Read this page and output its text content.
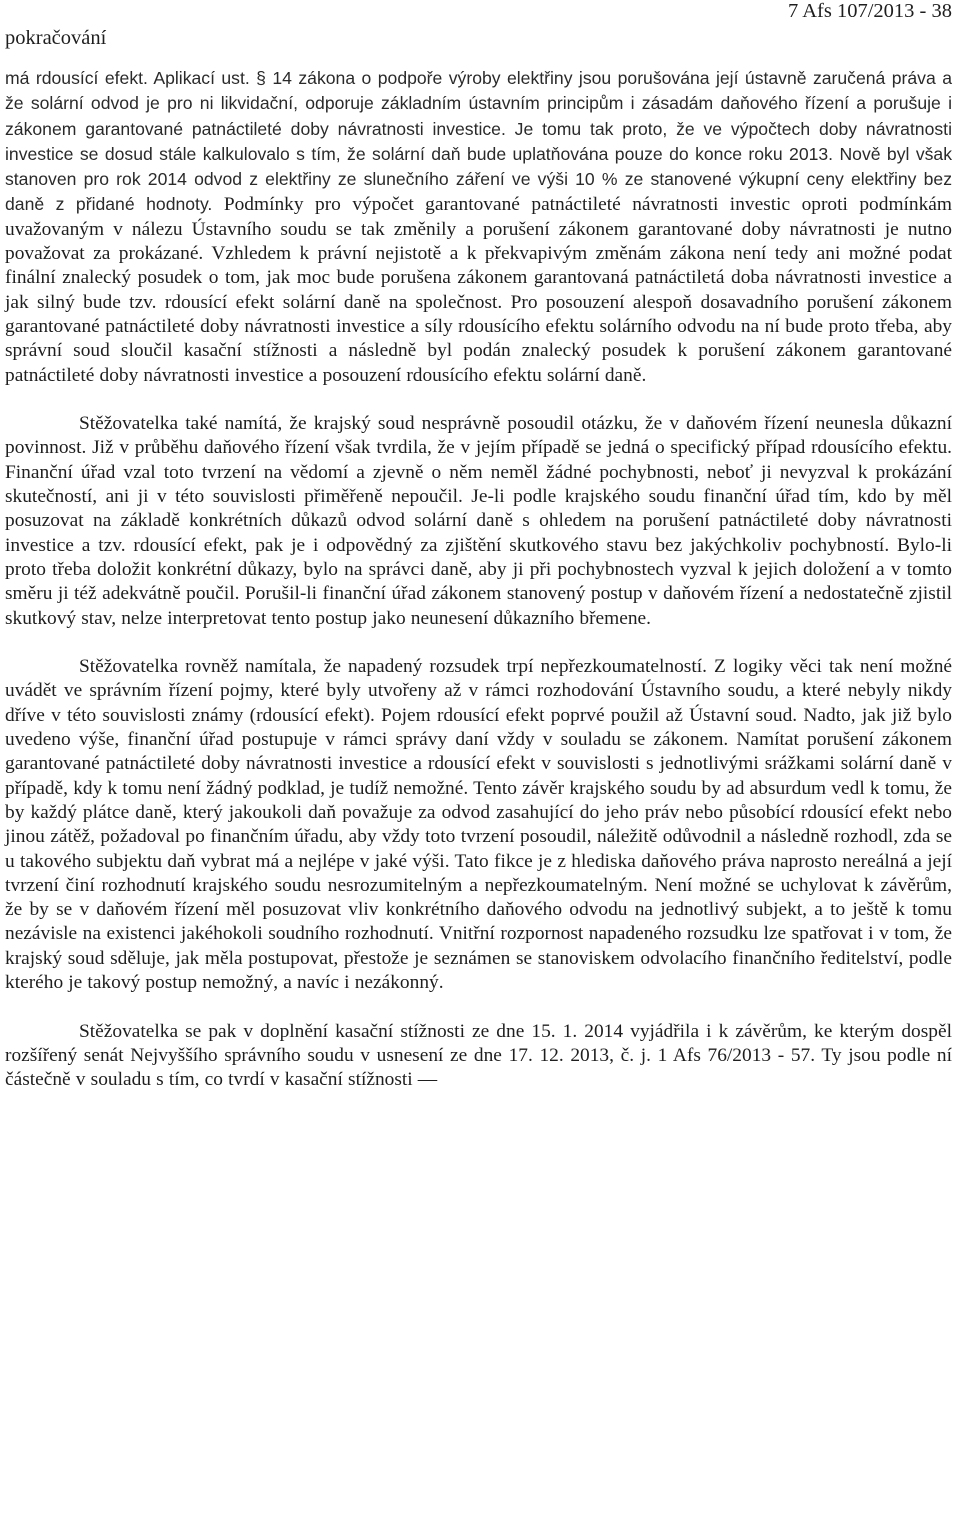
pokračování
7 Afs 107/2013 - 38

má rdousící efekt. Aplikací ust. § 14 zákona o podpoře výroby elektřiny jsou porušována její ústavně zaručená práva a že solární odvod je pro ni likvidační, odporuje základním ústavním principům i zásadám daňového řízení a porušuje i zákonem garantované patnáctileté doby návratnosti investice. Je tomu tak proto, že ve výpočtech doby návratnosti investice se dosud stále kalkulovalo s tím, že solární daň bude uplatňována pouze do konce roku 2013. Nově byl však stanoven pro rok 2014 odvod z elektřiny ze slunečního záření ve výši 10 % ze stanovené výkupní ceny elektřiny bez daně z přidané hodnoty. Podmínky pro výpočet garantované patnáctileté návratnosti investic oproti podmínkám uvažovaným v nálezu Ústavního soudu se tak změnily a porušení zákonem garantované doby návratnosti je nutno považovat za prokázané. Vzhledem k právní nejistotě a k překvapivým změnám zákona není tedy ani možné podat finální znalecký posudek o tom, jak moc bude porušena zákonem garantovaná patnáctiletá doba návratnosti investice a jak silný bude tzv. rdousící efekt solární daně na společnost. Pro posouzení alespoň dosavadního porušení zákonem garantované patnáctileté doby návratnosti investice a síly rdousícího efektu solárního odvodu na ní bude proto třeba, aby správní soud sloučil kasační stížnosti a následně byl podán znalecký posudek k porušení zákonem garantované patnáctileté doby návratnosti investice a posouzení rdousícího efektu solární daně.

Stěžovatelka také namítá, že krajský soud nesprávně posoudil otázku, že v daňovém řízení neunesla důkazní povinnost. Již v průběhu daňového řízení však tvrdila, že v jejím případě se jedná o specifický případ rdousícího efektu. Finanční úřad vzal toto tvrzení na vědomí a zjevně o něm neměl žádné pochybnosti, neboť ji nevyzval k prokázání skutečností, ani ji v této souvislosti přiměřeně nepoučil. Je-li podle krajského soudu finanční úřad tím, kdo by měl posuzovat na základě konkrétních důkazů odvod solární daně s ohledem na porušení patnáctileté doby návratnosti investice a tzv. rdousící efekt, pak je i odpovědný za zjištění skutkového stavu bez jakýchkoliv pochybností. Bylo-li proto třeba doložit konkrétní důkazy, bylo na správci daně, aby ji při pochybnostech vyzval k jejich doložení a v tomto směru ji též adekvátně poučil. Porušil-li finanční úřad zákonem stanovený postup v daňovém řízení a nedostatečně zjistil skutkový stav, nelze interpretovat tento postup jako neunesení důkazního břemene.

Stěžovatelka rovněž namítala, že napadený rozsudek trpí nepřezkoumatelností. Z logiky věci tak není možné uvádět ve správním řízení pojmy, které byly utvořeny až v rámci rozhodování Ústavního soudu, a které nebyly nikdy dříve v této souvislosti známy (rdousící efekt). Pojem rdousící efekt poprvé použil až Ústavní soud. Nadto, jak již bylo uvedeno výše, finanční úřad postupuje v rámci správy daní vždy v souladu se zákonem. Namítat porušení zákonem garantované patnáctileté doby návratnosti investice a rdousící efekt v souvislosti s jednotlivými srážkami solární daně v případě, kdy k tomu není žádný podklad, je tudíž nemožné. Tento závěr krajského soudu by ad absurdum vedl k tomu, že by každý plátce daně, který jakoukoli daň považuje za odvod zasahující do jeho práv nebo působící rdousící efekt nebo jinou zátěž, požadoval po finančním úřadu, aby vždy toto tvrzení posoudil, náležitě odůvodnil a následně rozhodl, zda se u takového subjektu daň vybrat má a nejlépe v jaké výši. Tato fikce je z hlediska daňového práva naprosto nereálná a její tvrzení činí rozhodnutí krajského soudu nesrozumitelným a nepřezkoumatelným. Není možné se uchylovat k závěrům, že by se v daňovém řízení měl posuzovat vliv konkrétního daňového odvodu na jednotlivý subjekt, a to ještě k tomu nezávisle na existenci jakéhokoli soudního rozhodnutí. Vnitřní rozpornost napadeného rozsudku lze spatřovat i v tom, že krajský soud sděluje, jak měla postupovat, přestože je seznámen se stanoviskem odvolacího finančního ředitelství, podle kterého je takový postup nemožný, a navíc i nezákonný.

Stěžovatelka se pak v doplnění kasační stížnosti ze dne 15. 1. 2014 vyjádřila i k závěrům, ke kterým dospěl rozšířený senát Nejvyššího správního soudu v usnesení ze dne 17. 12. 2013, č. j. 1 Afs 76/2013 - 57. Ty jsou podle ní částečně v souladu s tím, co tvrdí v kasační stížnosti —
